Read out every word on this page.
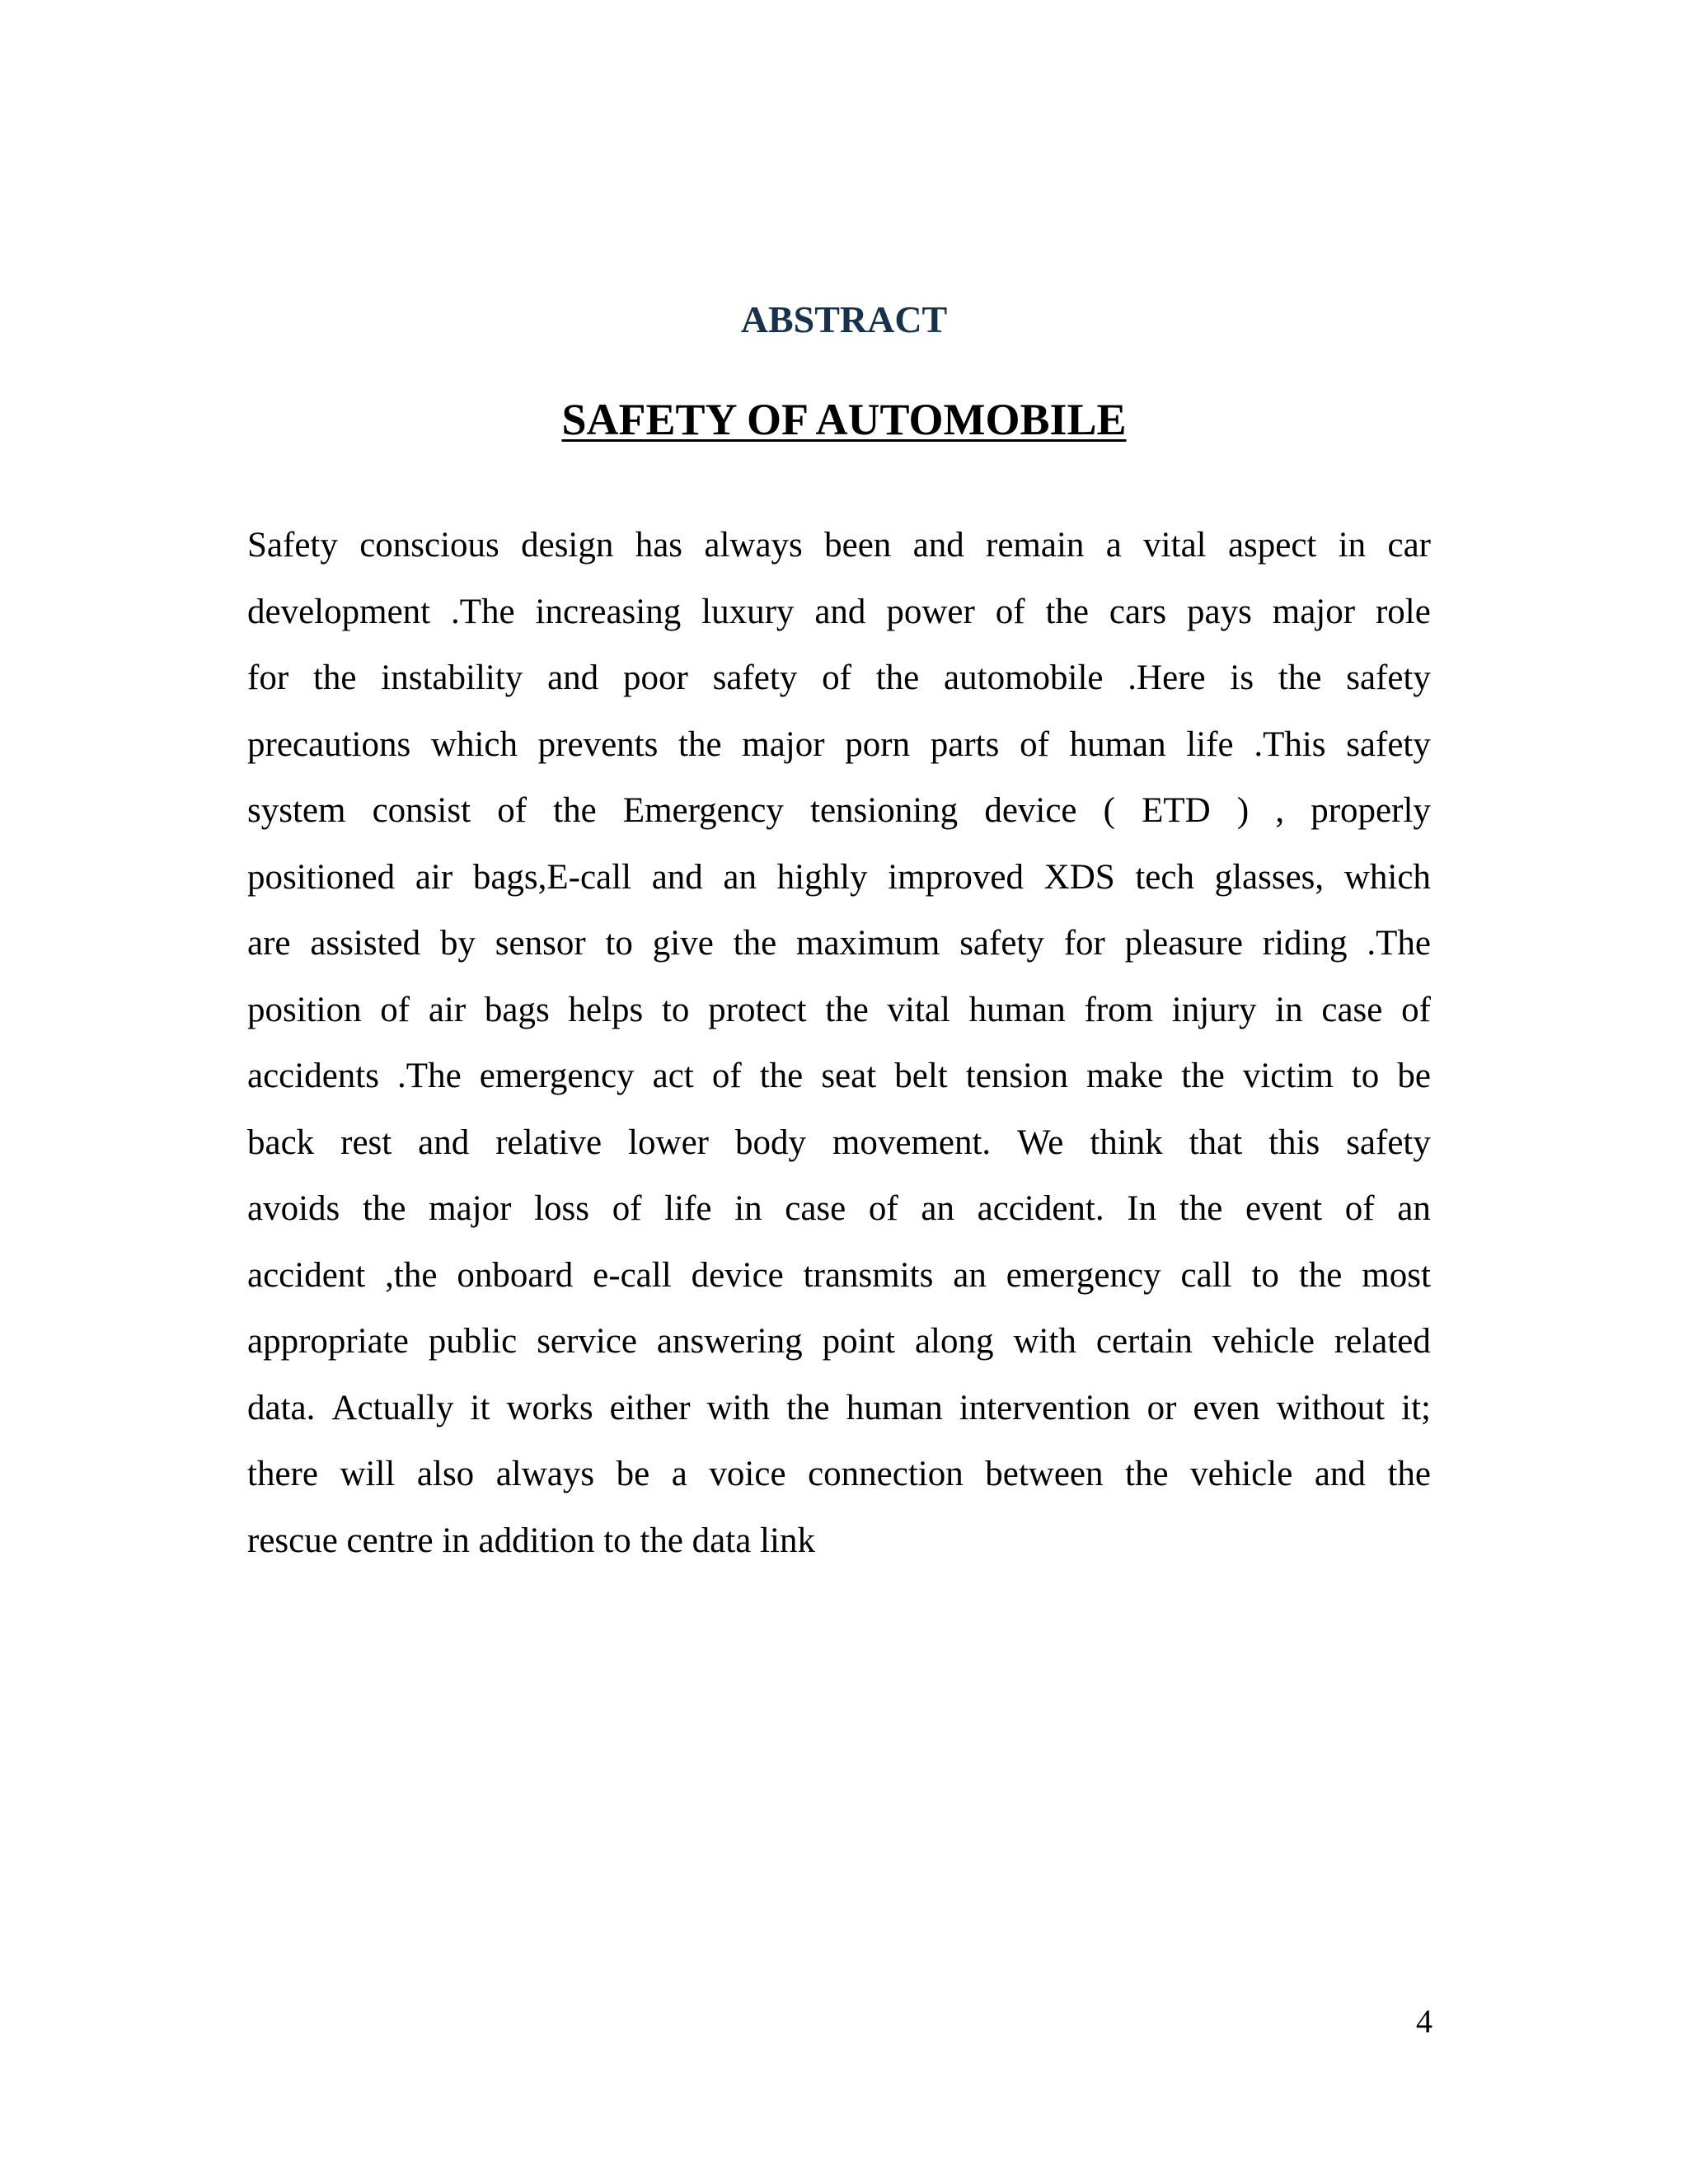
ABSTRACT
SAFETY OF AUTOMOBILE
Safety conscious design has always been and remain a vital aspect in car
development .The increasing luxury and power of the cars pays major role
for the instability and poor safety of the automobile .Here is the safety
precautions which prevents the major porn parts of human life .This safety
system consist of the Emergency tensioning device ( ETD ) , properly
positioned air bags,E-call and an highly improved XDS tech glasses, which
are assisted by sensor to give the maximum safety for pleasure riding .The
position of air bags helps to protect the vital human from injury in case of
accidents .The emergency act of the seat belt tension make the victim to be
back rest and relative lower body movement. We think that this safety
avoids the major loss of life in case of an accident. In the event of an
accident ,the onboard e-call device transmits an emergency call to the most
appropriate public service answering point along with certain vehicle related
data. Actually it works either with the human intervention or even without it;
there will also always be a voice connection between the vehicle and the
rescue centre in addition to the data link

4
